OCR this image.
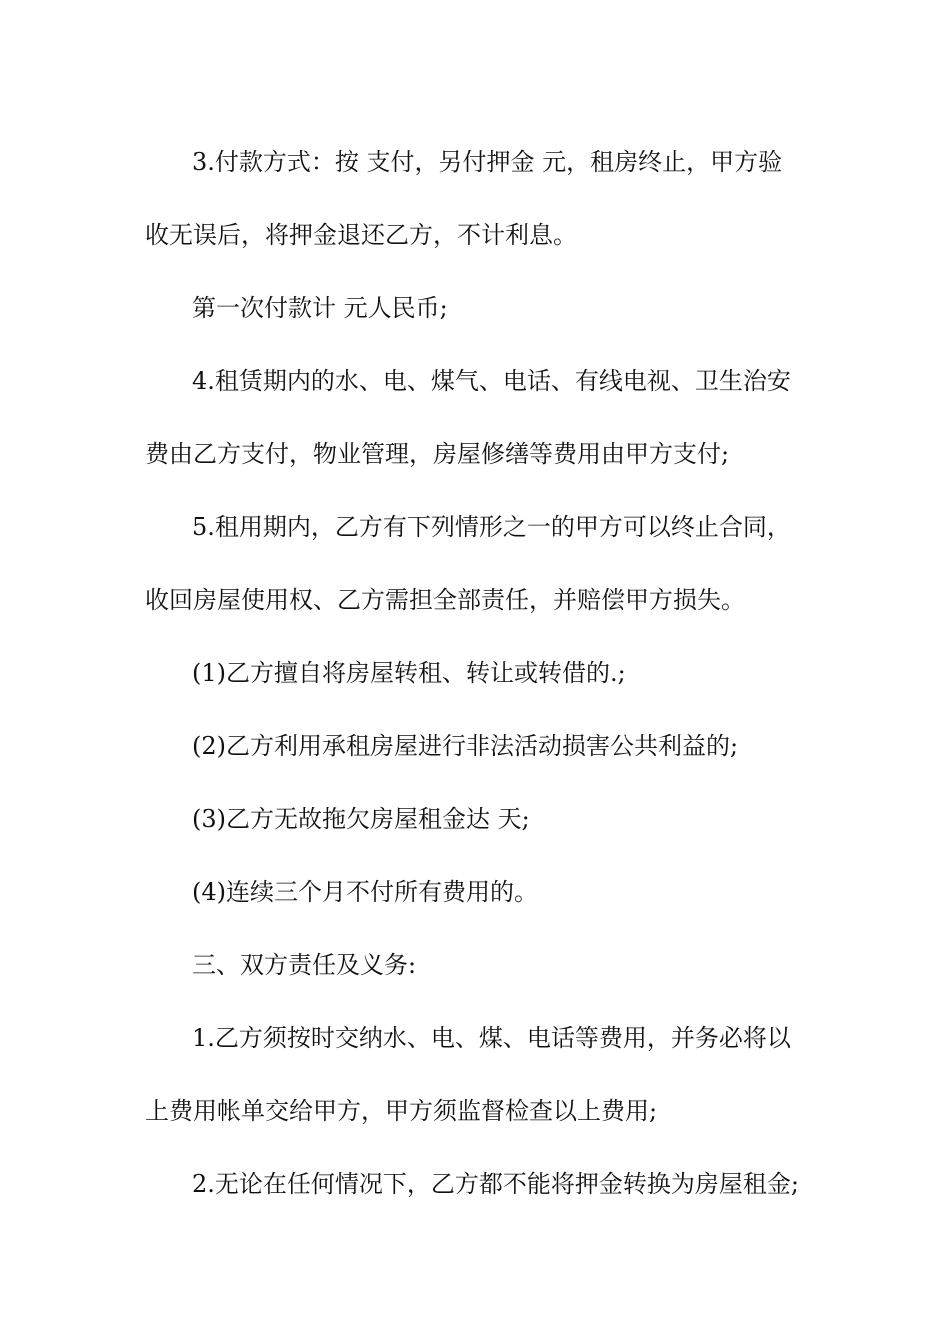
3.付款方式：按 支付，另付押金 元，租房终止，甲方验

收无误后，将押金退还乙方，不计利息。

第一次付款计 元人民币;

4.租赁期内的水、电、煤气、电话、有线电视、卫生治安

费由乙方支付，物业管理，房屋修缮等费用由甲方支付;

5.租用期内，乙方有下列情形之一的甲方可以终止合同，

收回房屋使用权、乙方需担全部责任，并赔偿甲方损失。

(1)乙方擅自将房屋转租、转让或转借的.;

(2)乙方利用承租房屋进行非法活动损害公共利益的;

(3)乙方无故拖欠房屋租金达 天;

(4)连续三个月不付所有费用的。

三、双方责任及义务:

1.乙方须按时交纳水、电、煤、电话等费用，并务必将以

上费用帐单交给甲方，甲方须监督检查以上费用;

2.无论在任何情况下，乙方都不能将押金转换为房屋租金;
